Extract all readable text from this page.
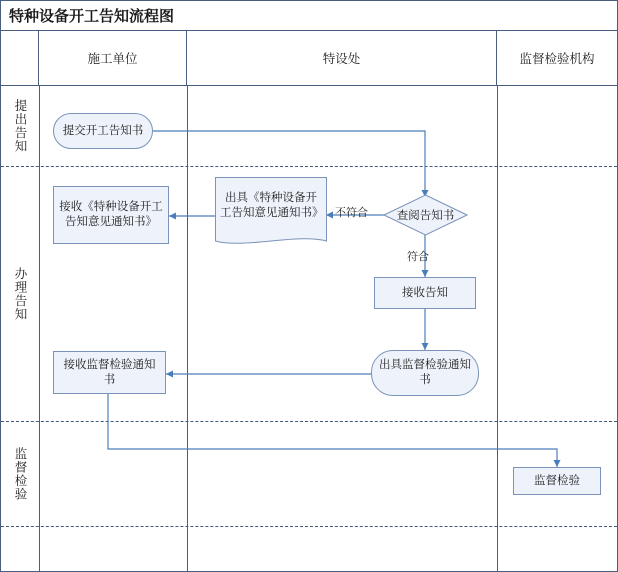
特种设备开工告知流程图
施工单位	特设处	监督检验机构
提出告知
办理告知
监督检验
提交开工告知书
接收《特种设备开工告知意见通知书》
出具《特种设备开工告知意见通知书》	查阅告知书
接收告知
出具监督检验通知书
接收监督检验通知书
监督检验
不符合
符合
